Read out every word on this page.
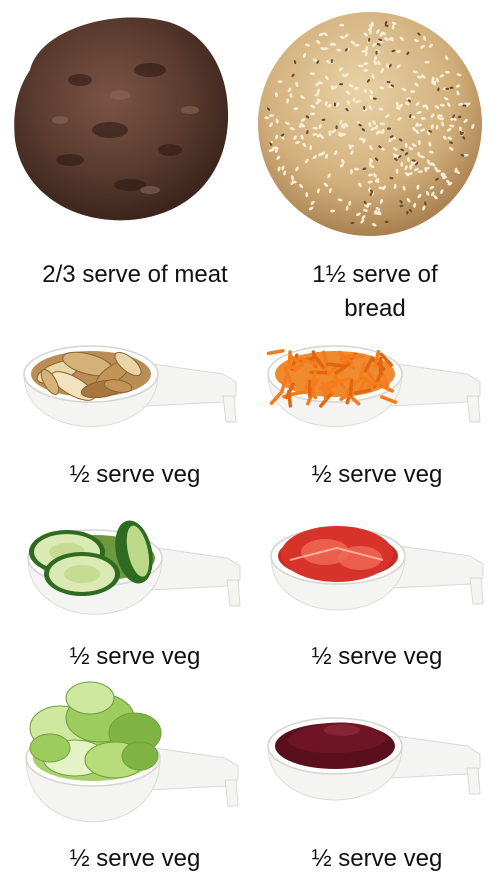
2/3 serve of meat	1½ serve of
bread
½ serve veg	½ serve veg
½ serve veg	½ serve veg
½ serve veg	½ serve veg
